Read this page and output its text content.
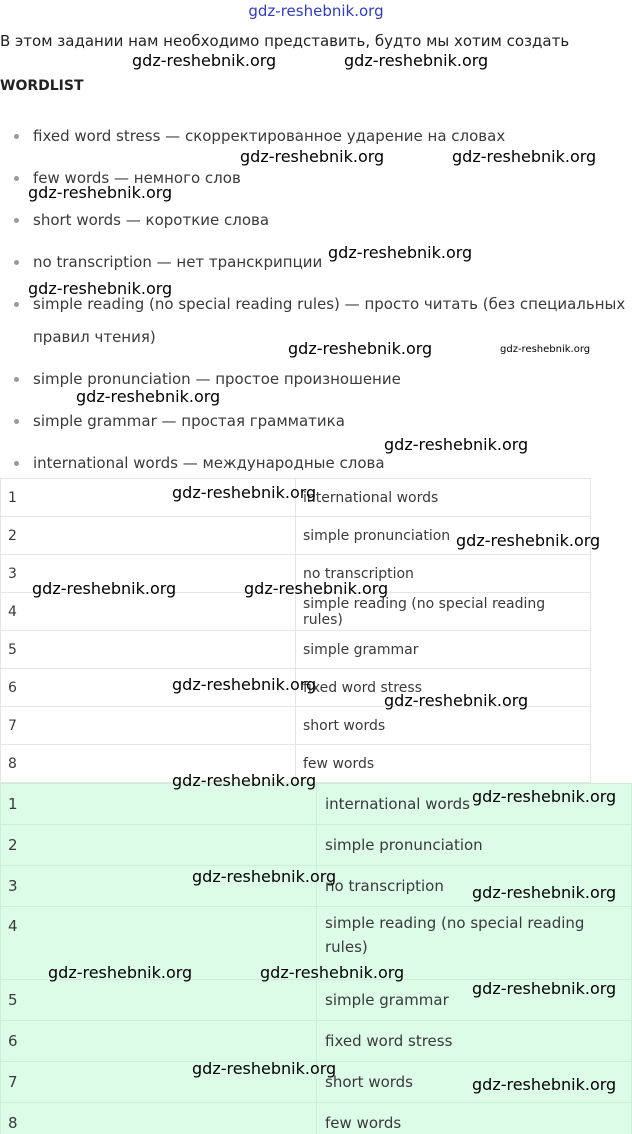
gdz-reshebnik.org
В этом задании нам необходимо представить, будто мы хотим создать
WORDLIST
fixed word stress — скорректированное ударение на словах
few words — немного слов
short words — короткие слова
no transcription — нет транскрипции
simple reading (no special reading rules) — просто читать (без специальных правил чтения)
simple pronunciation — простое произношение
simple grammar — простая грамматика
international words — международные слова
1	international words
2	simple pronunciation
3	no transcription
4	simple reading (no special reading rules)
5	simple grammar
6	fixed word stress
7	short words
8	few words
1	international words
2	simple pronunciation
3	no transcription
4	simple reading (no special reading rules)
5	simple grammar
6	fixed word stress
7	short words
8	few words
gdz-reshebnik.org	gdz-reshebnik.org
gdz-reshebnik.org	gdz-reshebnik.org
gdz-reshebnik.org
gdz-reshebnik.org
gdz-reshebnik.org
gdz-reshebnik.org	gdz-reshebnik.org
gdz-reshebnik.org
gdz-reshebnik.org
gdz-reshebnik.org
gdz-reshebnik.org
gdz-reshebnik.org	gdz-reshebnik.org
gdz-reshebnik.org
gdz-reshebnik.org
gdz-reshebnik.org
gdz-reshebnik.org
gdz-reshebnik.org
gdz-reshebnik.org
gdz-reshebnik.org	gdz-reshebnik.org
gdz-reshebnik.org
gdz-reshebnik.org
gdz-reshebnik.org
